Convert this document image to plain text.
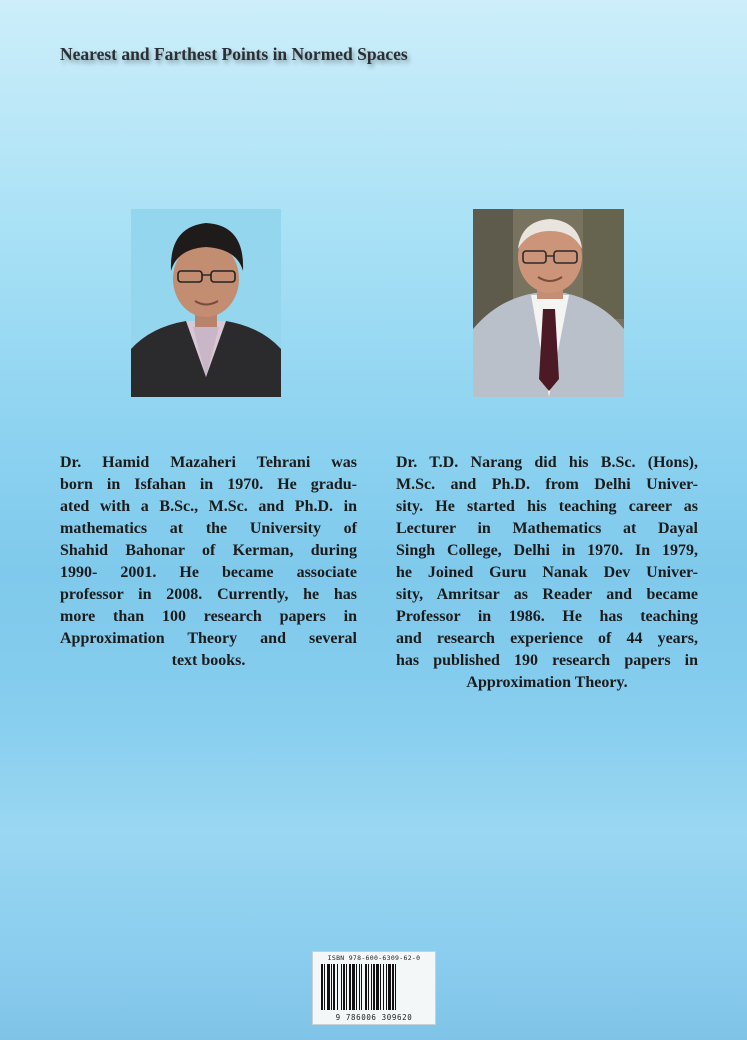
Nearest and Farthest Points in Normed Spaces

Dr. Hamid Mazaheri Tehrani was
born in Isfahan in 1970. He gradu-
ated with a B.Sc., M.Sc. and Ph.D. in
mathematics at the University of
Shahid Bahonar of Kerman, during
1990- 2001. He became associate
professor in 2008. Currently, he has
more than 100 research papers in
Approximation Theory and several
text books.

Dr. T.D. Narang did his B.Sc. (Hons),
M.Sc. and Ph.D. from Delhi Univer-
sity. He started his teaching career as
Lecturer in Mathematics at Dayal
Singh College, Delhi in 1970. In 1979,
he Joined Guru Nanak Dev Univer-
sity, Amritsar as Reader and became
Professor in 1986. He has teaching
and research experience of 44 years,
has published 190 research papers in
Approximation Theory.

ISBN 978-600-6309-62-0
9 786006 309620
